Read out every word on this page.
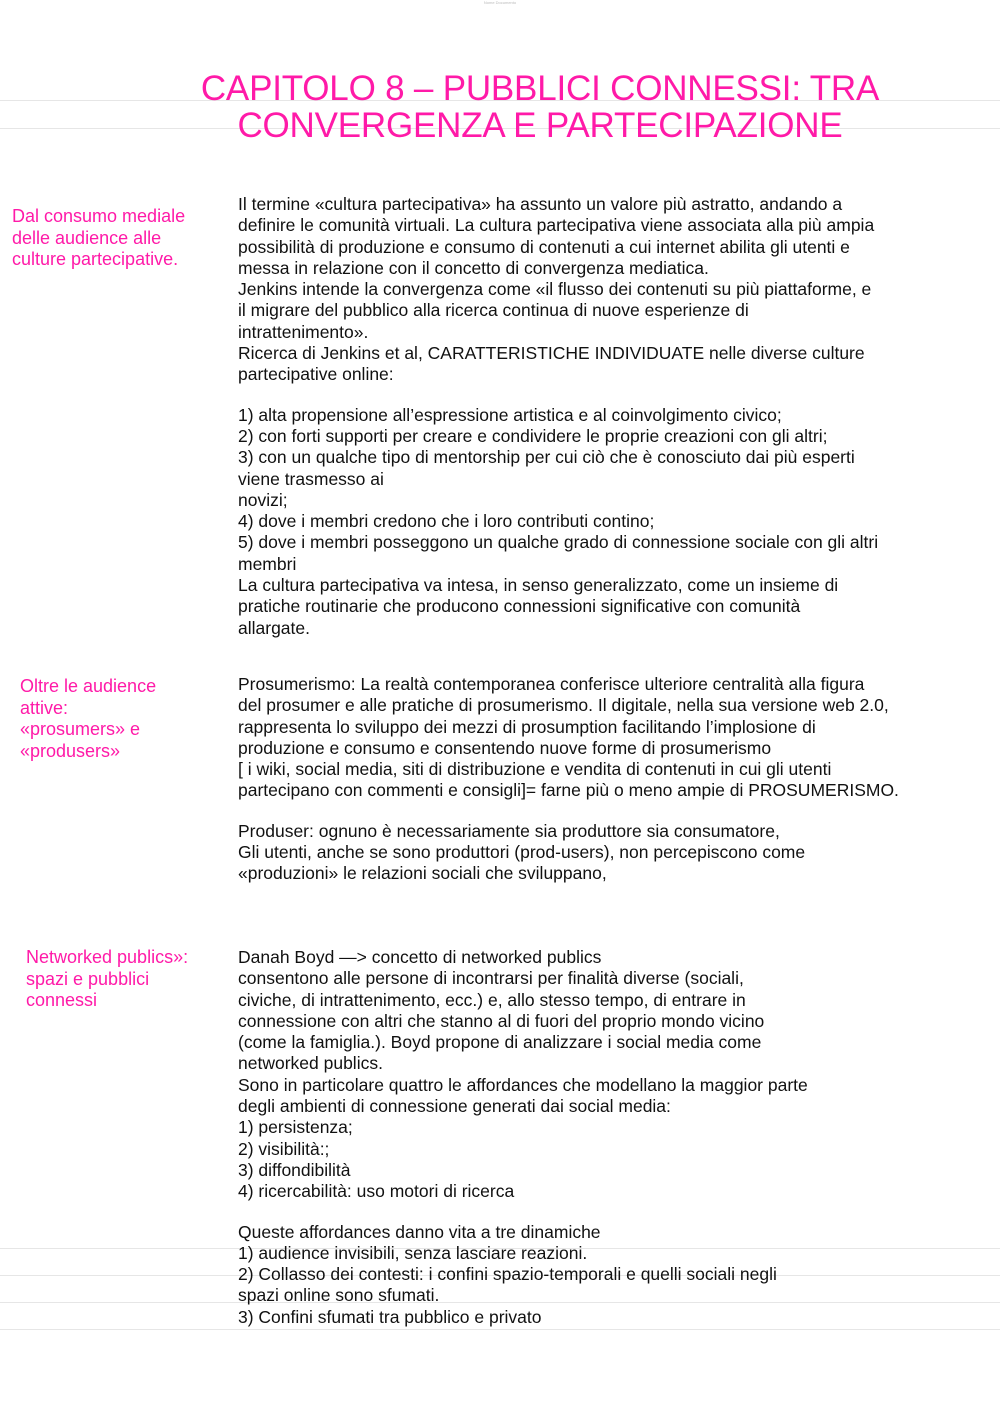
Nome Documento
CAPITOLO 8 – PUBBLICI CONNESSI: TRA
CONVERGENZA E PARTECIPAZIONE
Dal consumo mediale
delle audience alle
culture partecipative.
Il termine «cultura partecipativa» ha assunto un valore più astratto, andando a
definire le comunità virtuali. La cultura partecipativa viene associata alla più ampia
possibilità di produzione e consumo di contenuti a cui internet abilita gli utenti e
messa in relazione con il concetto di convergenza mediatica.
Jenkins intende la convergenza come «il flusso dei contenuti su più piattaforme, e
il migrare del pubblico alla ricerca continua di nuove esperienze di
intrattenimento».
Ricerca di Jenkins et al, CARATTERISTICHE INDIVIDUATE nelle diverse culture
partecipative online:
1) alta propensione all’espressione artistica e al coinvolgimento civico;
2) con forti supporti per creare e condividere le proprie creazioni con gli altri;
3) con un qualche tipo di mentorship per cui ciò che è conosciuto dai più esperti
viene trasmesso ai
novizi;
4) dove i membri credono che i loro contributi contino;
5) dove i membri posseggono un qualche grado di connessione sociale con gli altri
membri
La cultura partecipativa va intesa, in senso generalizzato, come un insieme di
pratiche routinarie che producono connessioni significative con comunità
allargate.
Oltre le audience
attive:
«prosumers» e
«produsers»
Prosumerismo: La realtà contemporanea conferisce ulteriore centralità alla figura
del prosumer e alle pratiche di prosumerismo. Il digitale, nella sua versione web 2.0,
rappresenta lo sviluppo dei mezzi di prosumption facilitando l’implosione di
produzione e consumo e consentendo nuove forme di prosumerismo
[ i wiki, social media, siti di distribuzione e vendita di contenuti in cui gli utenti
partecipano con commenti e consigli]= farne più o meno ampie di PROSUMERISMO.
Produser: ognuno è necessariamente sia produttore sia consumatore,
Gli utenti, anche se sono produttori (prod-users), non percepiscono come
«produzioni» le relazioni sociali che sviluppano,
Networked publics»:
spazi e pubblici
connessi
Danah Boyd —> concetto di networked publics
consentono alle persone di incontrarsi per finalità diverse (sociali,
civiche, di intrattenimento, ecc.) e, allo stesso tempo, di entrare in
connessione con altri che stanno al di fuori del proprio mondo vicino
(come la famiglia.). Boyd propone di analizzare i social media come
networked publics.
Sono in particolare quattro le affordances che modellano la maggior parte
degli ambienti di connessione generati dai social media:
1) persistenza;
2) visibilità:;
3) diffondibilità
4) ricercabilità: uso motori di ricerca
Queste affordances danno vita a tre dinamiche
1) audience invisibili, senza lasciare reazioni.
2) Collasso dei contesti: i confini spazio-temporali e quelli sociali negli
spazi online sono sfumati.
3) Confini sfumati tra pubblico e privato
